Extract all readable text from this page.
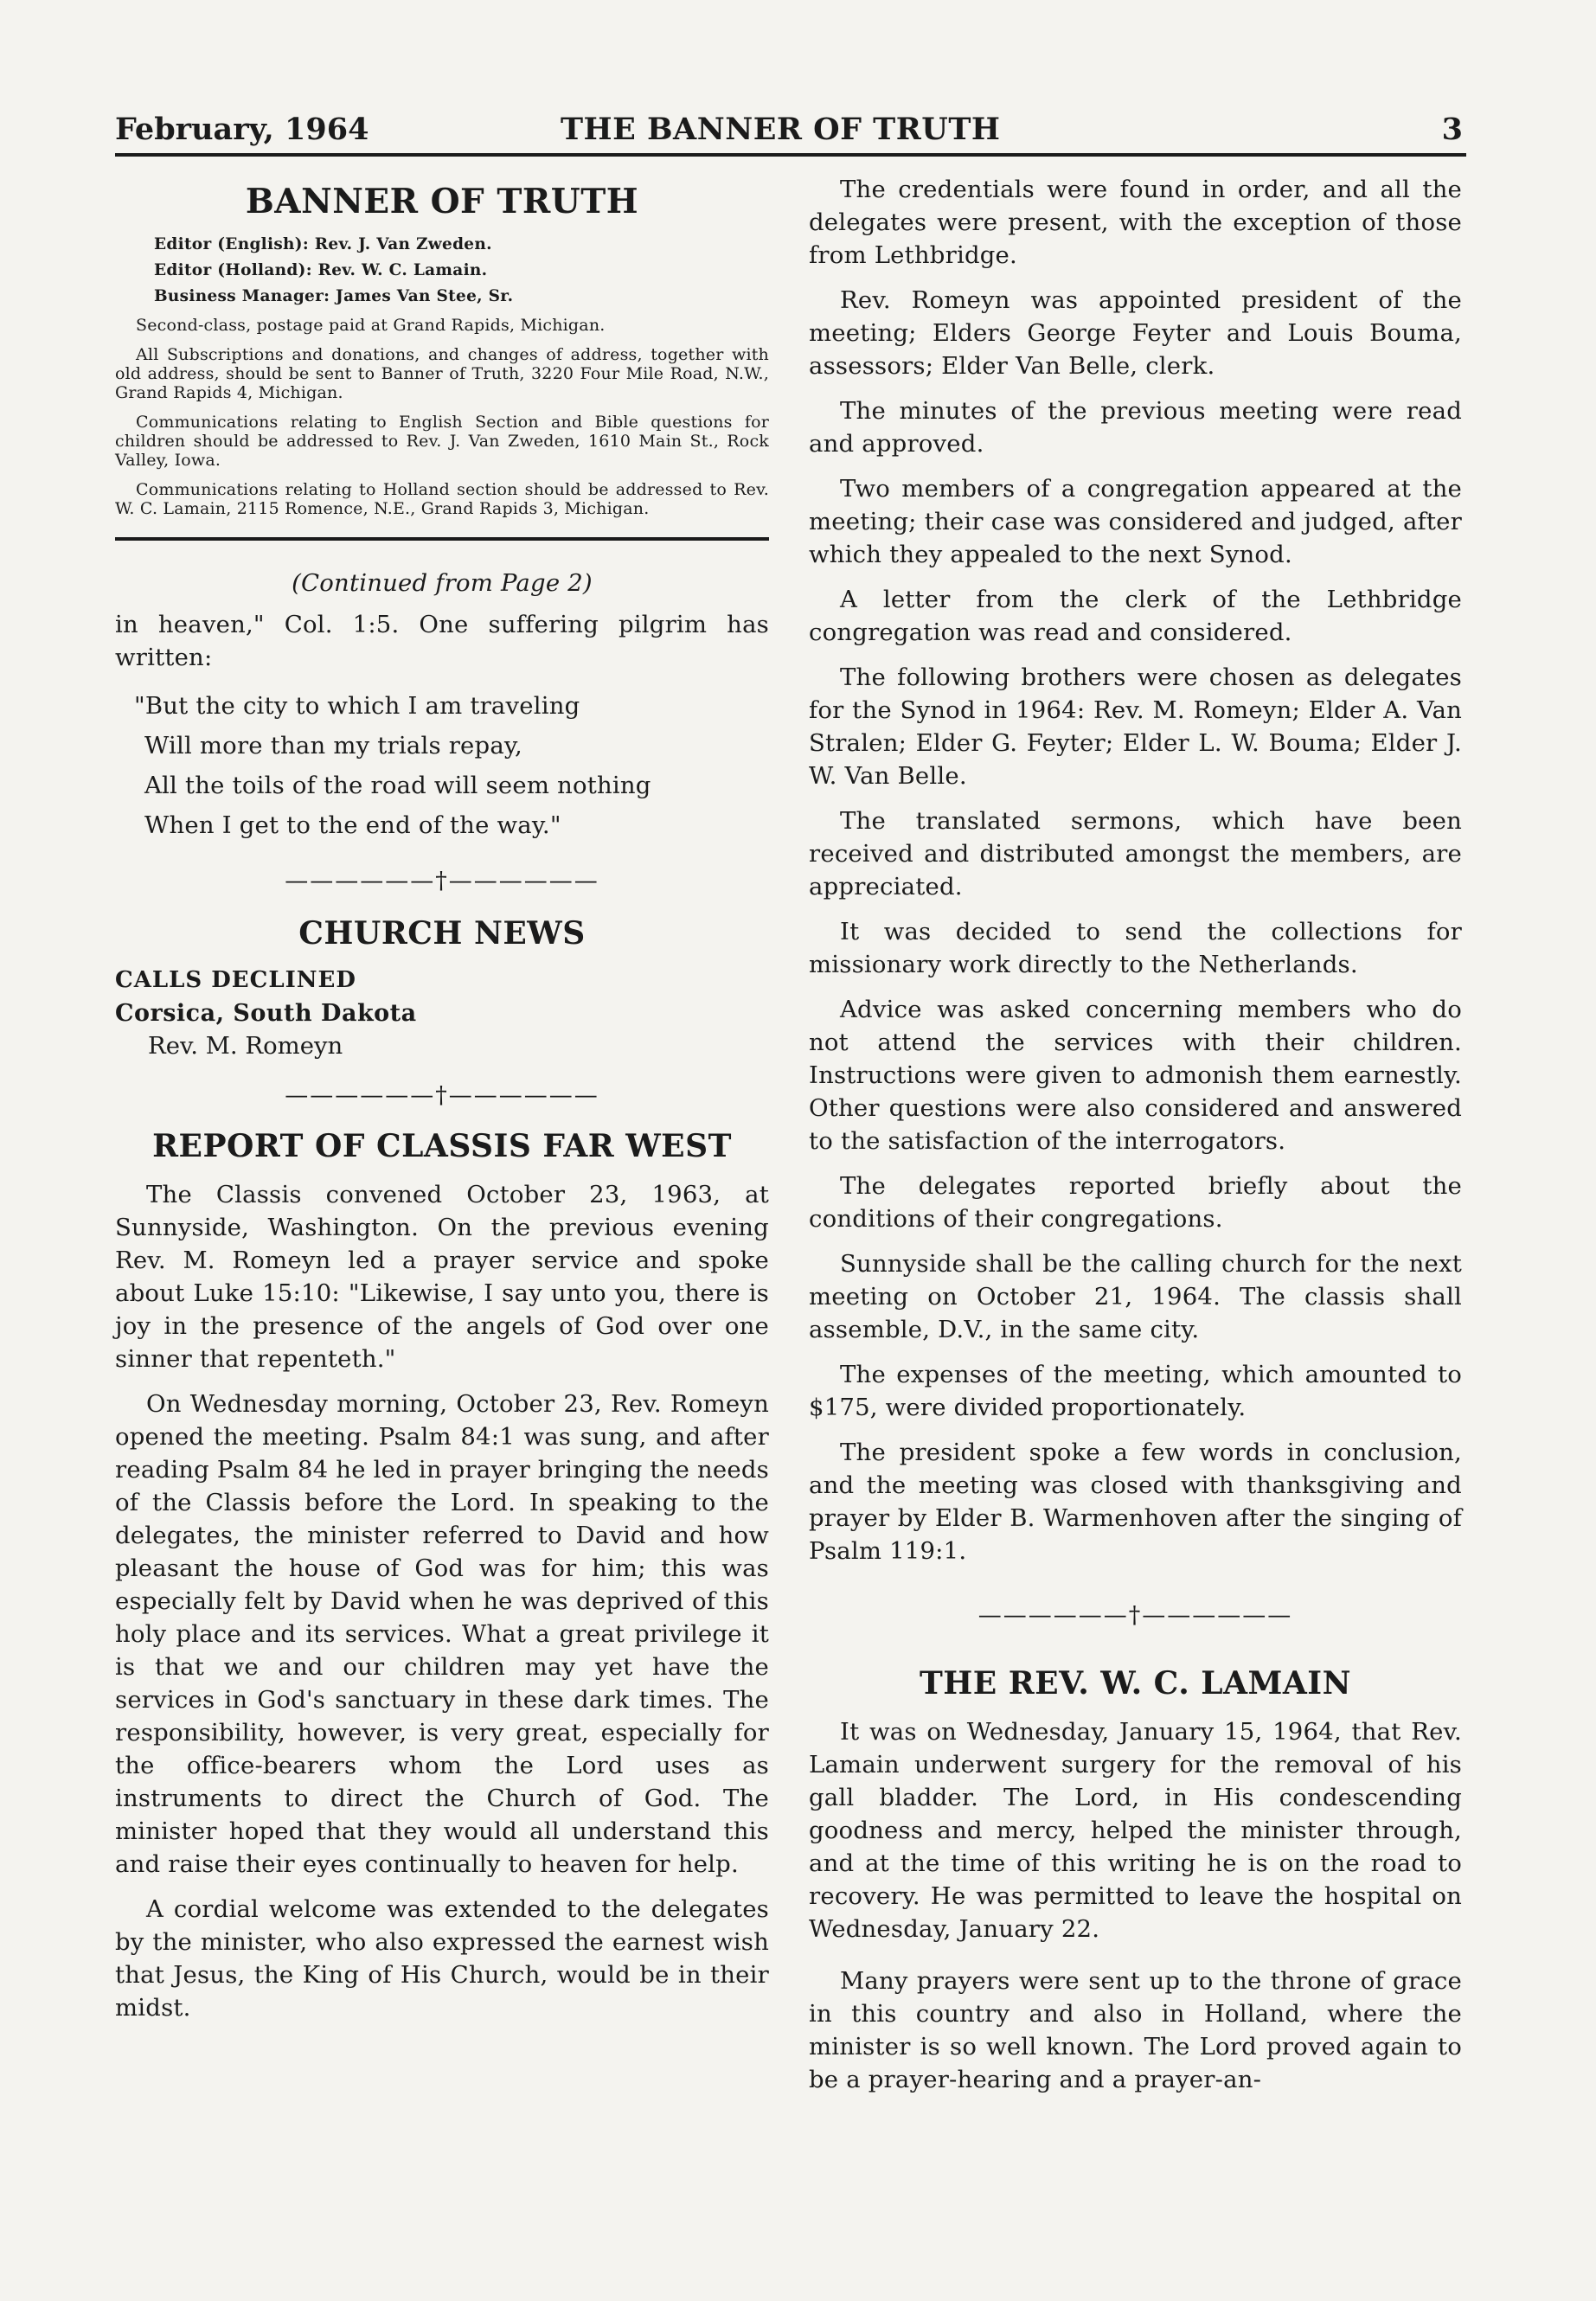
February, 1964	THE BANNER OF TRUTH	3
BANNER OF TRUTH
Editor (English): Rev. J. Van Zweden.
Editor (Holland): Rev. W. C. Lamain.
Business Manager: James Van Stee, Sr.
Second-class, postage paid at Grand Rapids, Michigan.
All Subscriptions and donations, and changes of address, together with old address, should be sent to Banner of Truth, 3220 Four Mile Road, N.W., Grand Rapids 4, Michigan.
Communications relating to English Section and Bible questions for children should be addressed to Rev. J. Van Zweden, 1610 Main St., Rock Valley, Iowa.
Communications relating to Holland section should be addressed to Rev. W. C. Lamain, 2115 Romence, N.E., Grand Rapids 3, Michigan.
(Continued from Page 2)
in heaven," Col. 1:5. One suffering pilgrim has written:
"But the city to which I am traveling
Will more than my trials repay,
All the toils of the road will seem nothing
When I get to the end of the way."
——————†——————
CHURCH NEWS
CALLS DECLINED
Corsica, South Dakota
Rev. M. Romeyn
——————†——————
REPORT OF CLASSIS FAR WEST
The Classis convened October 23, 1963, at Sunnyside, Washington. On the previous evening Rev. M. Romeyn led a prayer service and spoke about Luke 15:10: "Likewise, I say unto you, there is joy in the presence of the angels of God over one sinner that repenteth."
On Wednesday morning, October 23, Rev. Romeyn opened the meeting. Psalm 84:1 was sung, and after reading Psalm 84 he led in prayer bringing the needs of the Classis before the Lord. In speaking to the delegates, the minister referred to David and how pleasant the house of God was for him; this was especially felt by David when he was deprived of this holy place and its services. What a great privilege it is that we and our children may yet have the services in God's sanctuary in these dark times. The responsibility, however, is very great, especially for the office-bearers whom the Lord uses as instruments to direct the Church of God. The minister hoped that they would all understand this and raise their eyes continually to heaven for help.
A cordial welcome was extended to the delegates by the minister, who also expressed the earnest wish that Jesus, the King of His Church, would be in their midst.
The credentials were found in order, and all the delegates were present, with the exception of those from Lethbridge.
Rev. Romeyn was appointed president of the meeting; Elders George Feyter and Louis Bouma, assessors; Elder Van Belle, clerk.
The minutes of the previous meeting were read and approved.
Two members of a congregation appeared at the meeting; their case was considered and judged, after which they appealed to the next Synod.
A letter from the clerk of the Lethbridge congregation was read and considered.
The following brothers were chosen as delegates for the Synod in 1964: Rev. M. Romeyn; Elder A. Van Stralen; Elder G. Feyter; Elder L. W. Bouma; Elder J. W. Van Belle.
The translated sermons, which have been received and distributed amongst the members, are appreciated.
It was decided to send the collections for missionary work directly to the Netherlands.
Advice was asked concerning members who do not attend the services with their children. Instructions were given to admonish them earnestly. Other questions were also considered and answered to the satisfaction of the interrogators.
The delegates reported briefly about the conditions of their congregations.
Sunnyside shall be the calling church for the next meeting on October 21, 1964. The classis shall assemble, D.V., in the same city.
The expenses of the meeting, which amounted to $175, were divided proportionately.
The president spoke a few words in conclusion, and the meeting was closed with thanksgiving and prayer by Elder B. Warmenhoven after the singing of Psalm 119:1.
——————†——————
THE REV. W. C. LAMAIN
It was on Wednesday, January 15, 1964, that Rev. Lamain underwent surgery for the removal of his gall bladder. The Lord, in His condescending goodness and mercy, helped the minister through, and at the time of this writing he is on the road to recovery. He was permitted to leave the hospital on Wednesday, January 22.
Many prayers were sent up to the throne of grace in this country and also in Holland, where the minister is so well known. The Lord proved again to be a prayer-hearing and a prayer-an-
